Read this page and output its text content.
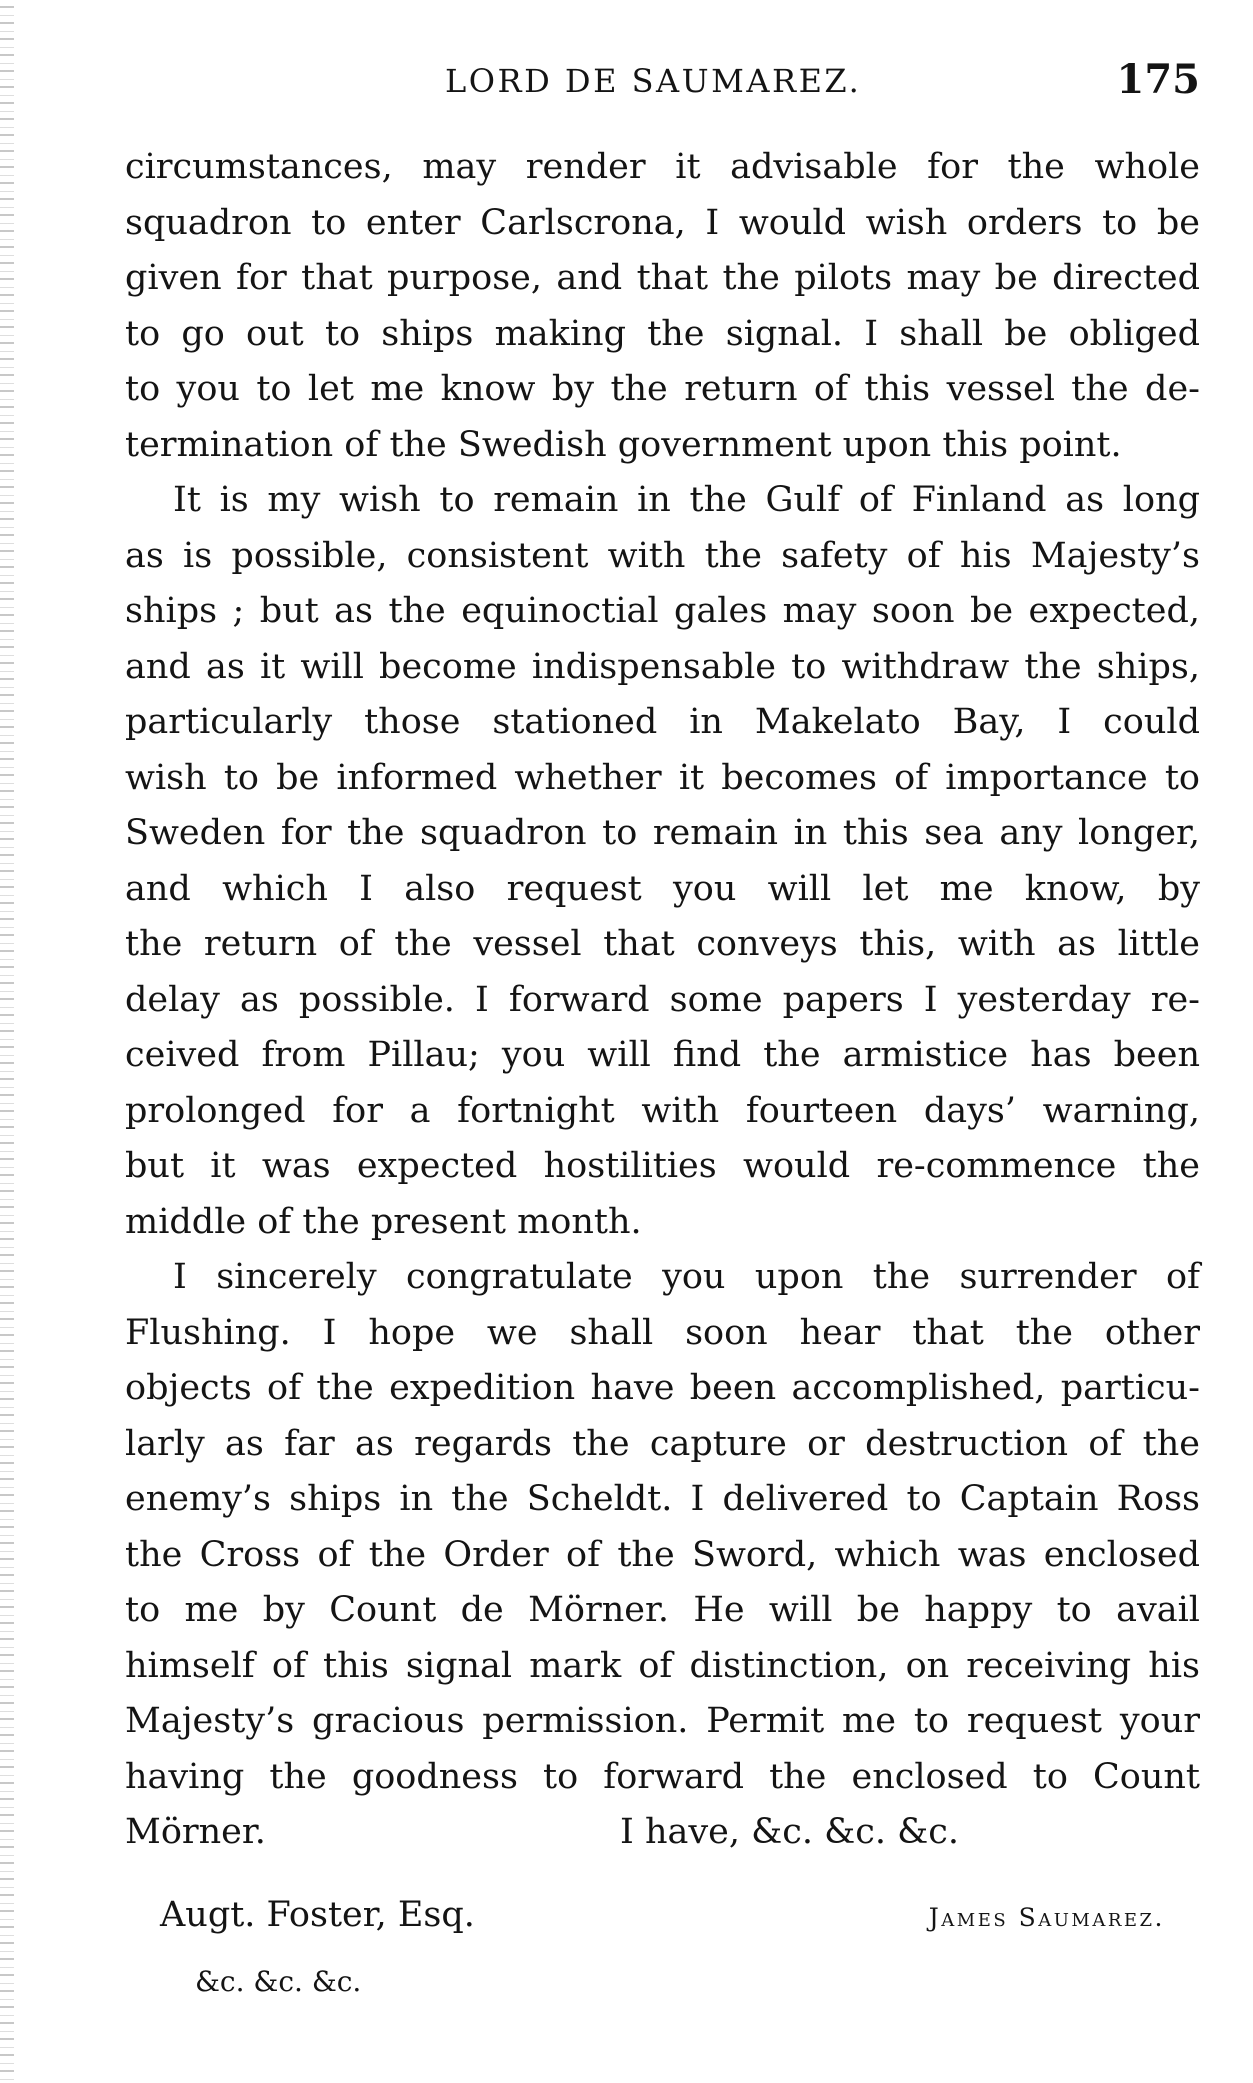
LORD DE SAUMAREZ.	175
circumstances, may render it advisable for the whole
squadron to enter Carlscrona, I would wish orders to be
given for that purpose, and that the pilots may be directed
to go out to ships making the signal. I shall be obliged
to you to let me know by the return of this vessel the de-
termination of the Swedish government upon this point.
It is my wish to remain in the Gulf of Finland as long
as is possible, consistent with the safety of his Majesty’s
ships ; but as the equinoctial gales may soon be expected,
and as it will become indispensable to withdraw the ships,
particularly those stationed in Makelato Bay, I could
wish to be informed whether it becomes of importance to
Sweden for the squadron to remain in this sea any longer,
and which I also request you will let me know, by
the return of the vessel that conveys this, with as little
delay as possible. I forward some papers I yesterday re-
ceived from Pillau; you will find the armistice has been
prolonged for a fortnight with fourteen days’ warning,
but it was expected hostilities would re-commence the
middle of the present month.
I sincerely congratulate you upon the surrender of
Flushing. I hope we shall soon hear that the other
objects of the expedition have been accomplished, particu-
larly as far as regards the capture or destruction of the
enemy’s ships in the Scheldt. I delivered to Captain Ross
the Cross of the Order of the Sword, which was enclosed
to me by Count de Mörner. He will be happy to avail
himself of this signal mark of distinction, on receiving his
Majesty’s gracious permission. Permit me to request your
having the goodness to forward the enclosed to Count
Mörner.	I have, &c. &c. &c.
Augt. Foster, Esq.	James Saumarez.
&c. &c. &c.
